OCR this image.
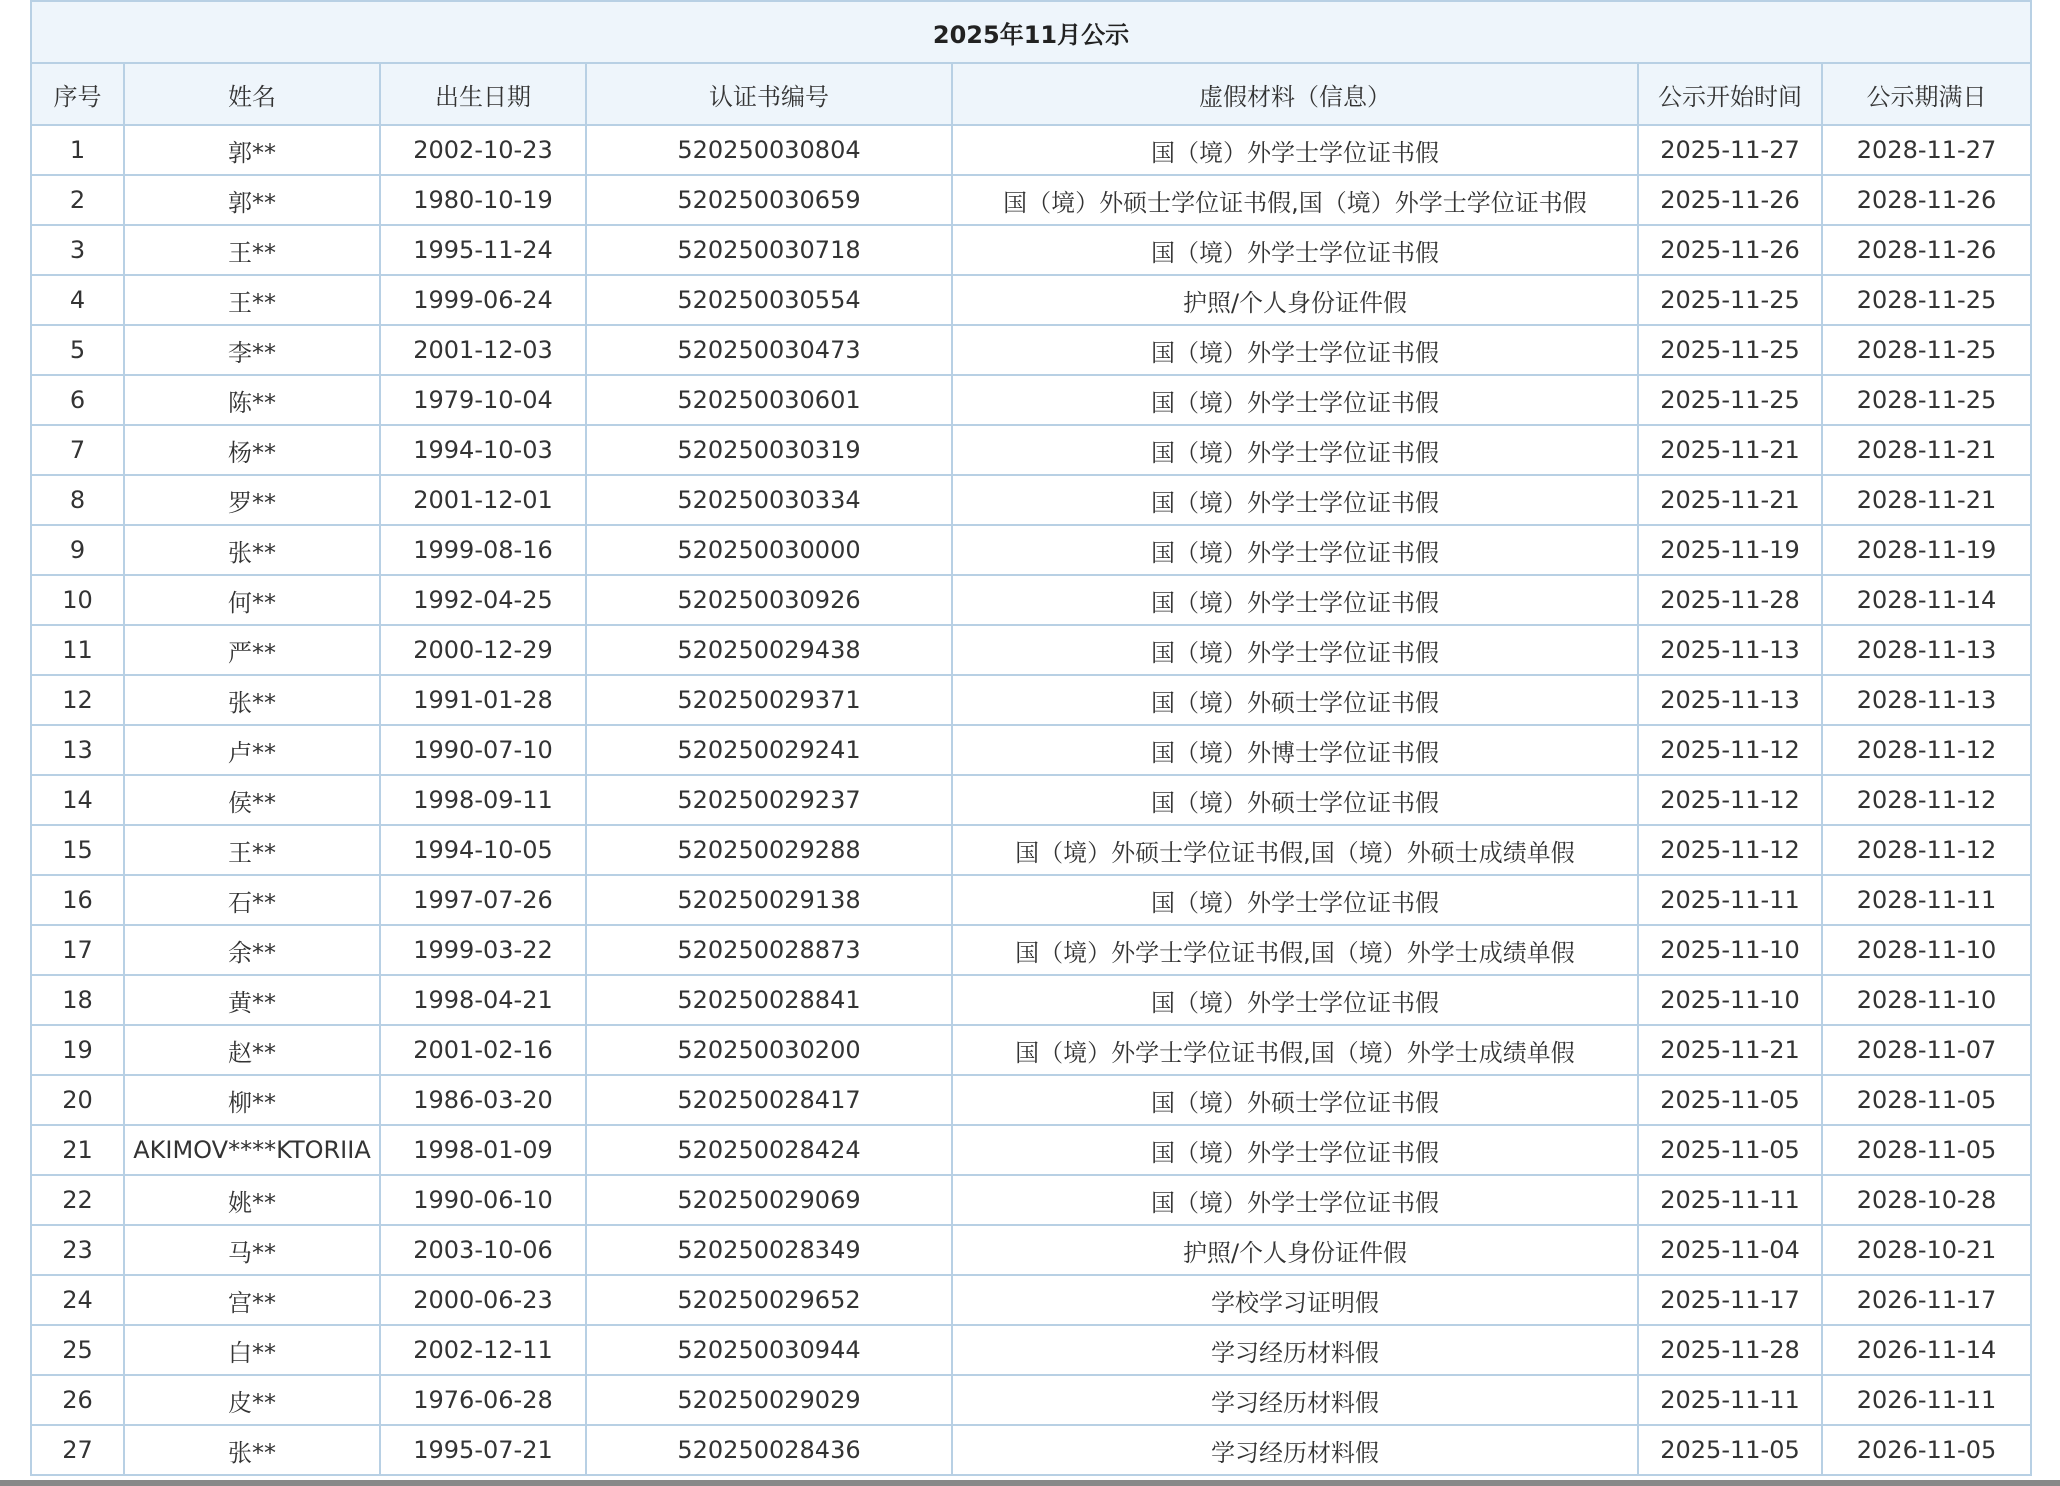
2025年11月公示						
序号	姓名	出生日期	认证书编号	虚假材料（信息）	公示开始时间	公示期满日
1	郭**	2002-10-23	520250030804	国（境）外学士学位证书假	2025-11-27	2028-11-27
2	郭**	1980-10-19	520250030659	国（境）外硕士学位证书假,国（境）外学士学位证书假	2025-11-26	2028-11-26
3	王**	1995-11-24	520250030718	国（境）外学士学位证书假	2025-11-26	2028-11-26
4	王**	1999-06-24	520250030554	护照/个人身份证件假	2025-11-25	2028-11-25
5	李**	2001-12-03	520250030473	国（境）外学士学位证书假	2025-11-25	2028-11-25
6	陈**	1979-10-04	520250030601	国（境）外学士学位证书假	2025-11-25	2028-11-25
7	杨**	1994-10-03	520250030319	国（境）外学士学位证书假	2025-11-21	2028-11-21
8	罗**	2001-12-01	520250030334	国（境）外学士学位证书假	2025-11-21	2028-11-21
9	张**	1999-08-16	520250030000	国（境）外学士学位证书假	2025-11-19	2028-11-19
10	何**	1992-04-25	520250030926	国（境）外学士学位证书假	2025-11-28	2028-11-14
11	严**	2000-12-29	520250029438	国（境）外学士学位证书假	2025-11-13	2028-11-13
12	张**	1991-01-28	520250029371	国（境）外硕士学位证书假	2025-11-13	2028-11-13
13	卢**	1990-07-10	520250029241	国（境）外博士学位证书假	2025-11-12	2028-11-12
14	侯**	1998-09-11	520250029237	国（境）外硕士学位证书假	2025-11-12	2028-11-12
15	王**	1994-10-05	520250029288	国（境）外硕士学位证书假,国（境）外硕士成绩单假	2025-11-12	2028-11-12
16	石**	1997-07-26	520250029138	国（境）外学士学位证书假	2025-11-11	2028-11-11
17	余**	1999-03-22	520250028873	国（境）外学士学位证书假,国（境）外学士成绩单假	2025-11-10	2028-11-10
18	黄**	1998-04-21	520250028841	国（境）外学士学位证书假	2025-11-10	2028-11-10
19	赵**	2001-02-16	520250030200	国（境）外学士学位证书假,国（境）外学士成绩单假	2025-11-21	2028-11-07
20	柳**	1986-03-20	520250028417	国（境）外硕士学位证书假	2025-11-05	2028-11-05
21	AKIMOV****KTORIIA	1998-01-09	520250028424	国（境）外学士学位证书假	2025-11-05	2028-11-05
22	姚**	1990-06-10	520250029069	国（境）外学士学位证书假	2025-11-11	2028-10-28
23	马**	2003-10-06	520250028349	护照/个人身份证件假	2025-11-04	2028-10-21
24	宫**	2000-06-23	520250029652	学校学习证明假	2025-11-17	2026-11-17
25	白**	2002-12-11	520250030944	学习经历材料假	2025-11-28	2026-11-14
26	皮**	1976-06-28	520250029029	学习经历材料假	2025-11-11	2026-11-11
27	张**	1995-07-21	520250028436	学习经历材料假	2025-11-05	2026-11-05
